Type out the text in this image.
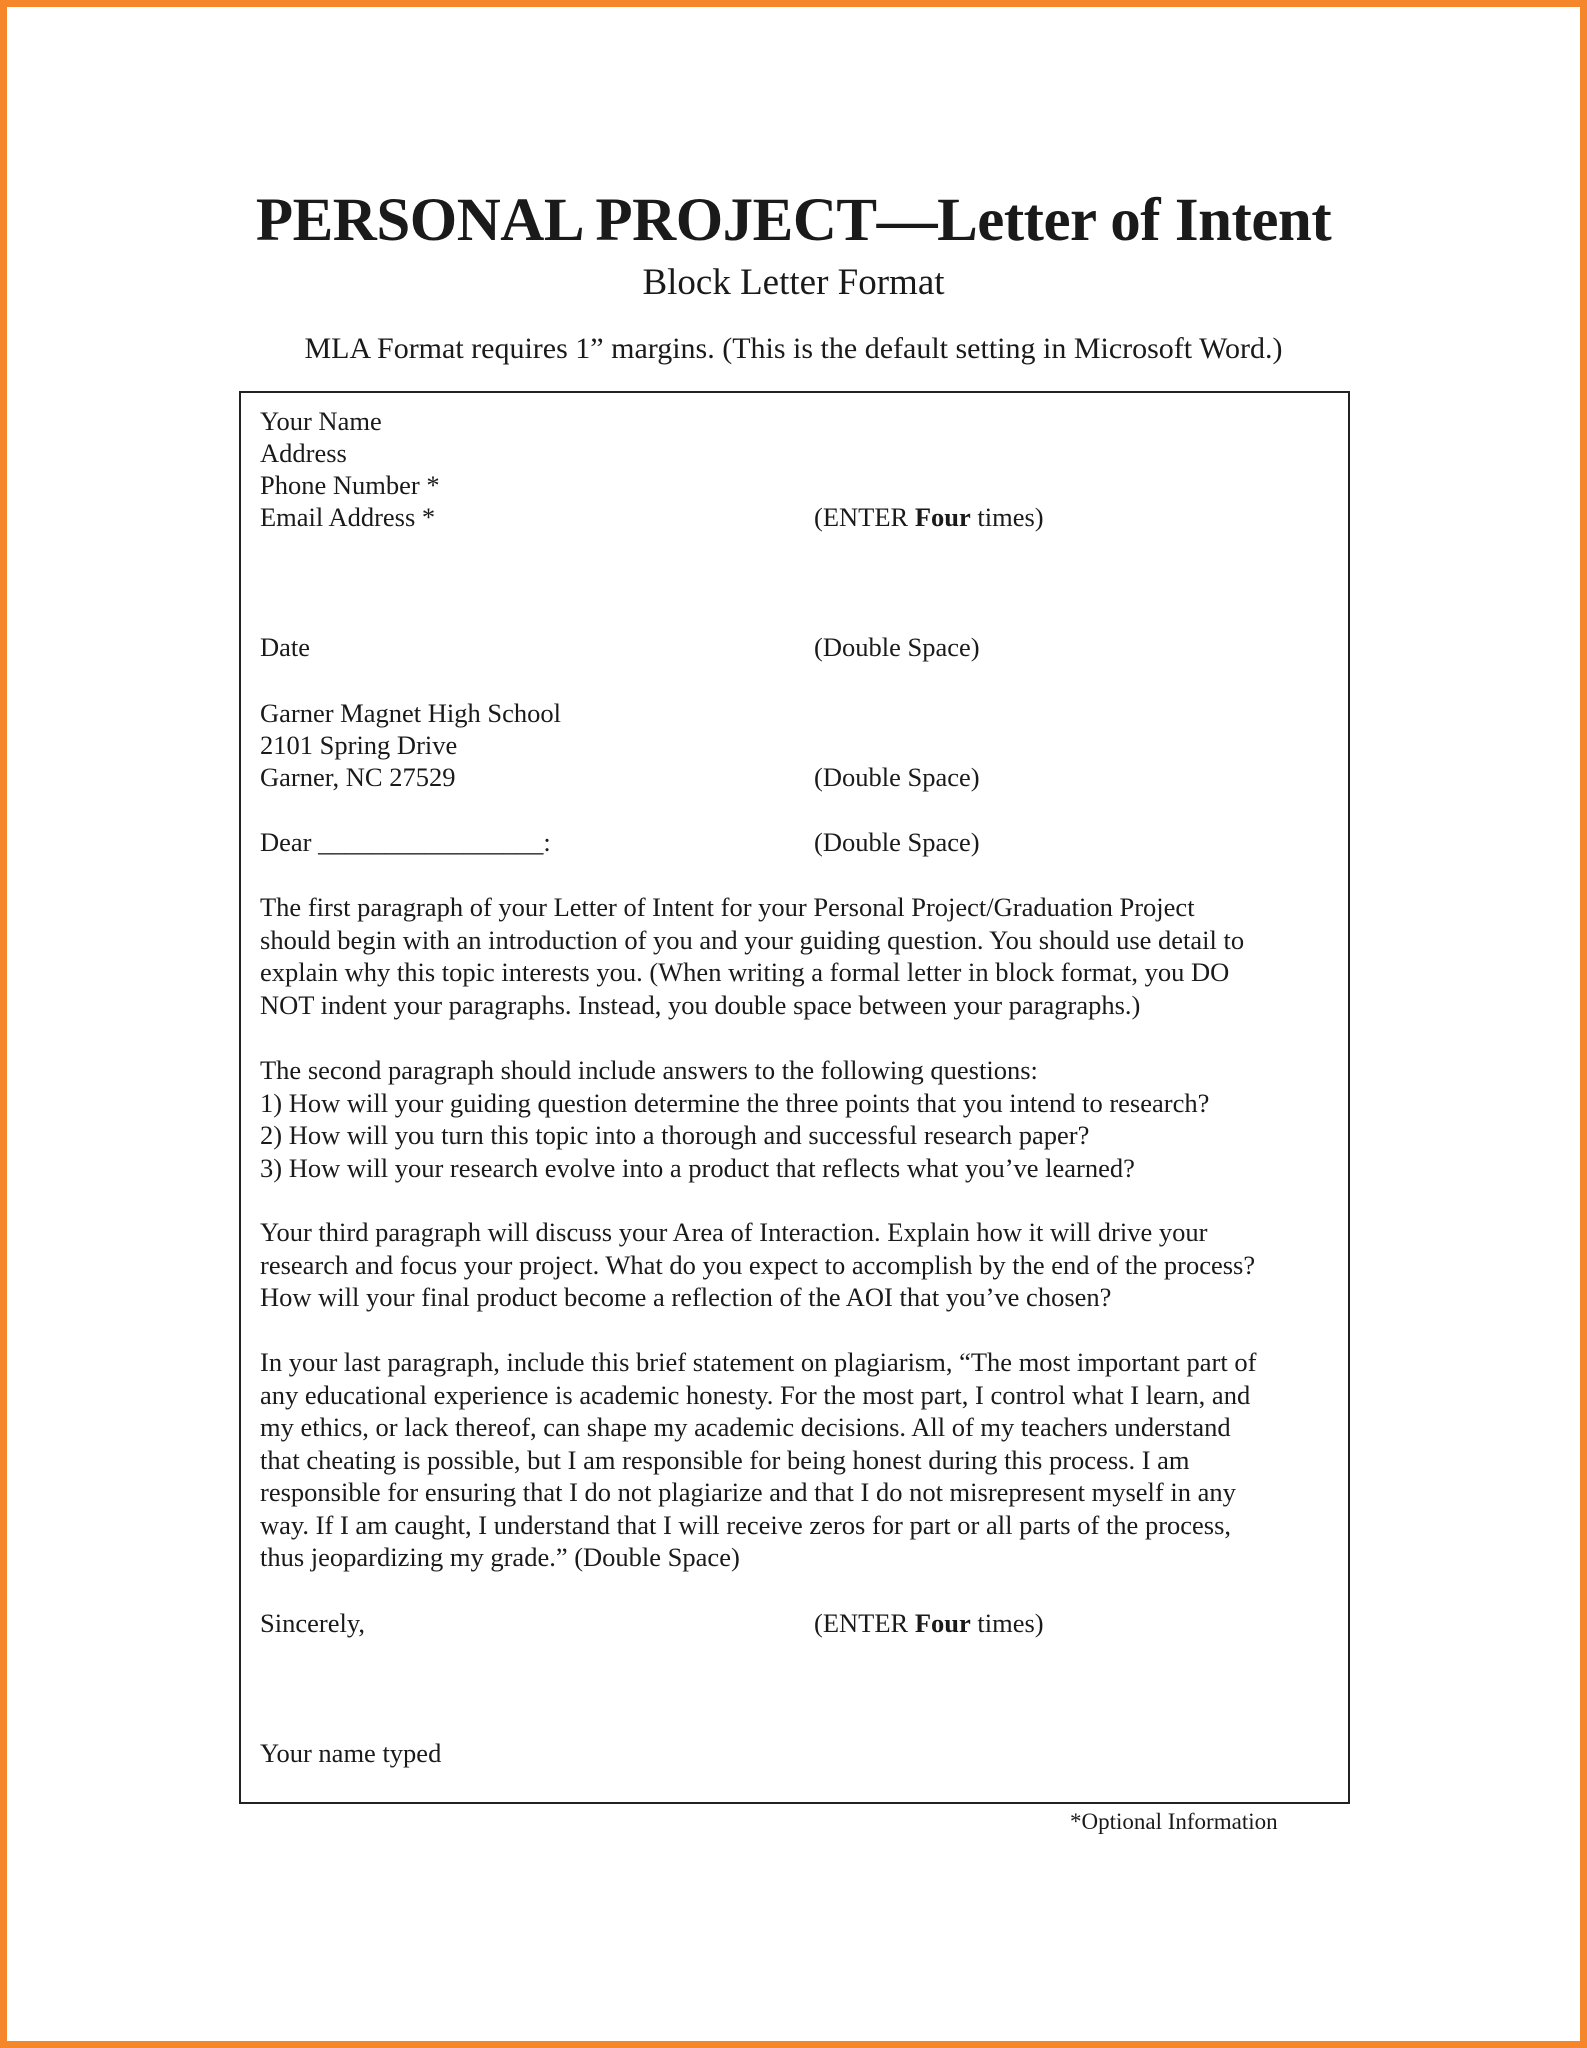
PERSONAL PROJECT—Letter of Intent
Block Letter Format
MLA Format requires 1” margins. (This is the default setting in Microsoft Word.)
Your Name
Address
Phone Number *
Email Address *	(ENTER Four times)
Date	(Double Space)
Garner Magnet High School
2101 Spring Drive
Garner, NC 27529	(Double Space)
Dear _________________:	(Double Space)
The first paragraph of your Letter of Intent for your Personal Project/Graduation Project
should begin with an introduction of you and your guiding question. You should use detail to
explain why this topic interests you. (When writing a formal letter in block format, you DO
NOT indent your paragraphs. Instead, you double space between your paragraphs.)
The second paragraph should include answers to the following questions:
1) How will your guiding question determine the three points that you intend to research?
2) How will you turn this topic into a thorough and successful research paper?
3) How will your research evolve into a product that reflects what you’ve learned?
Your third paragraph will discuss your Area of Interaction. Explain how it will drive your
research and focus your project. What do you expect to accomplish by the end of the process?
How will your final product become a reflection of the AOI that you’ve chosen?
In your last paragraph, include this brief statement on plagiarism, “The most important part of
any educational experience is academic honesty. For the most part, I control what I learn, and
my ethics, or lack thereof, can shape my academic decisions. All of my teachers understand
that cheating is possible, but I am responsible for being honest during this process. I am
responsible for ensuring that I do not plagiarize and that I do not misrepresent myself in any
way. If I am caught, I understand that I will receive zeros for part or all parts of the process,
thus jeopardizing my grade.” (Double Space)
Sincerely,	(ENTER Four times)
Your name typed
*Optional Information
